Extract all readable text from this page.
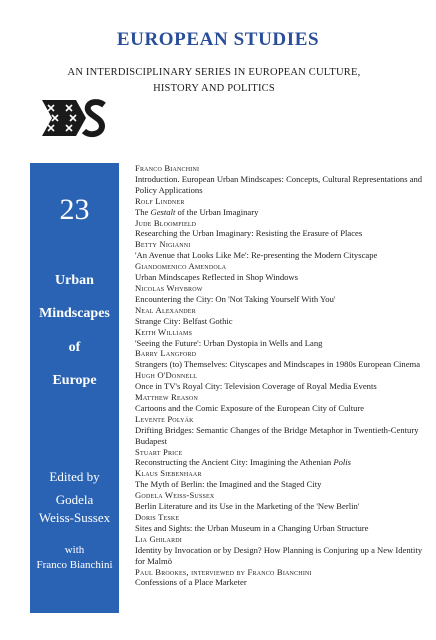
EUROPEAN STUDIES
AN INTERDISCIPLINARY SERIES IN EUROPEAN CULTURE, HISTORY AND POLITICS
23
Urban
Mindscapes
of
Europe
Edited by
Godela
Weiss-Sussex
with
Franco Bianchini
Franco Bianchini
Introduction. European Urban Mindscapes: Concepts, Cultural Representations and Policy Applications
Rolf Lindner
The Gestalt of the Urban Imaginary
Jude Bloomfield
Researching the Urban Imaginary: Resisting the Erasure of Places
Betty Nigianni
'An Avenue that Looks Like Me': Re-presenting the Modern Cityscape
Giandomenico Amendola
Urban Mindscapes Reflected in Shop Windows
Nicolas Whybrow
Encountering the City: On 'Not Taking Yourself With You'
Neal Alexander
Strange City: Belfast Gothic
Keith Williams
'Seeing the Future': Urban Dystopia in Wells and Lang
Barry Langford
Strangers (to) Themselves: Cityscapes and Mindscapes in 1980s European Cinema
Hugh O'Donnell
Once in TV's Royal City: Television Coverage of Royal Media Events
Matthew Reason
Cartoons and the Comic Exposure of the European City of Culture
Levente Polyák
Drifting Bridges: Semantic Changes of the Bridge Metaphor in Twentieth-Century Budapest
Stuart Price
Reconstructing the Ancient City: Imagining the Athenian Polis
Klaus Siebenhaar
The Myth of Berlin: the Imagined and the Staged City
Godela Weiss-Sussex
Berlin Literature and its Use in the Marketing of the 'New Berlin'
Doris Teske
Sites and Sights: the Urban Museum in a Changing Urban Structure
Lia Ghilardi
Identity by Invocation or by Design? How Planning is Conjuring up a New Identity for Malmö
Paul Brookes, interviewed by Franco Bianchini
Confessions of a Place Marketer
